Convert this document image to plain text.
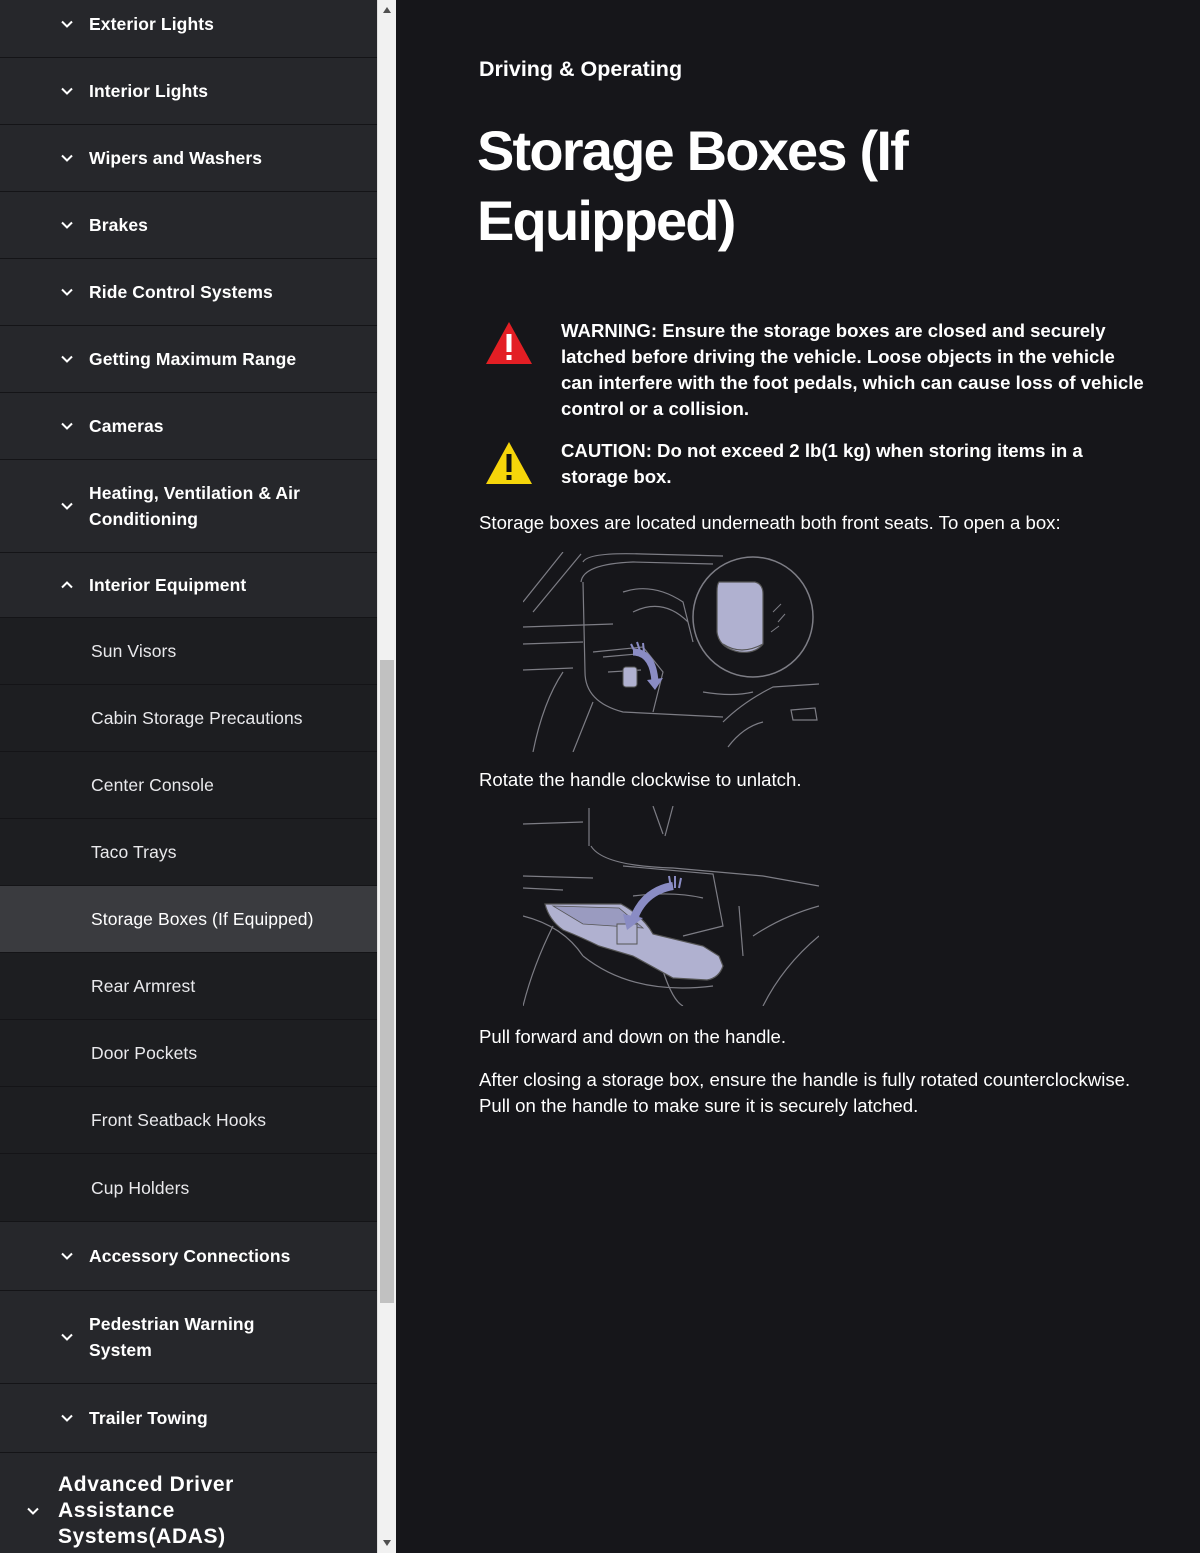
Exterior Lights
Interior Lights
Wipers and Washers
Brakes
Ride Control Systems
Getting Maximum Range
Cameras
Heating, Ventilation & Air Conditioning
Interior Equipment
Sun Visors
Cabin Storage Precautions
Center Console
Taco Trays
Storage Boxes (If Equipped)
Rear Armrest
Door Pockets
Front Seatback Hooks
Cup Holders
Accessory Connections
Pedestrian Warning System
Trailer Towing
Advanced Driver Assistance Systems(ADAS)
Driving & Operating
Storage Boxes (If Equipped)
WARNING: Ensure the storage boxes are closed and securely latched before driving the vehicle. Loose objects in the vehicle can interfere with the foot pedals, which can cause loss of vehicle control or a collision.
CAUTION: Do not exceed 2 lb(1 kg) when storing items in a storage box.

Storage boxes are located underneath both front seats. To open a box:

Rotate the handle clockwise to unlatch.

Pull forward and down on the handle.

After closing a storage box, ensure the handle is fully rotated counterclockwise. Pull on the handle to make sure it is securely latched.
